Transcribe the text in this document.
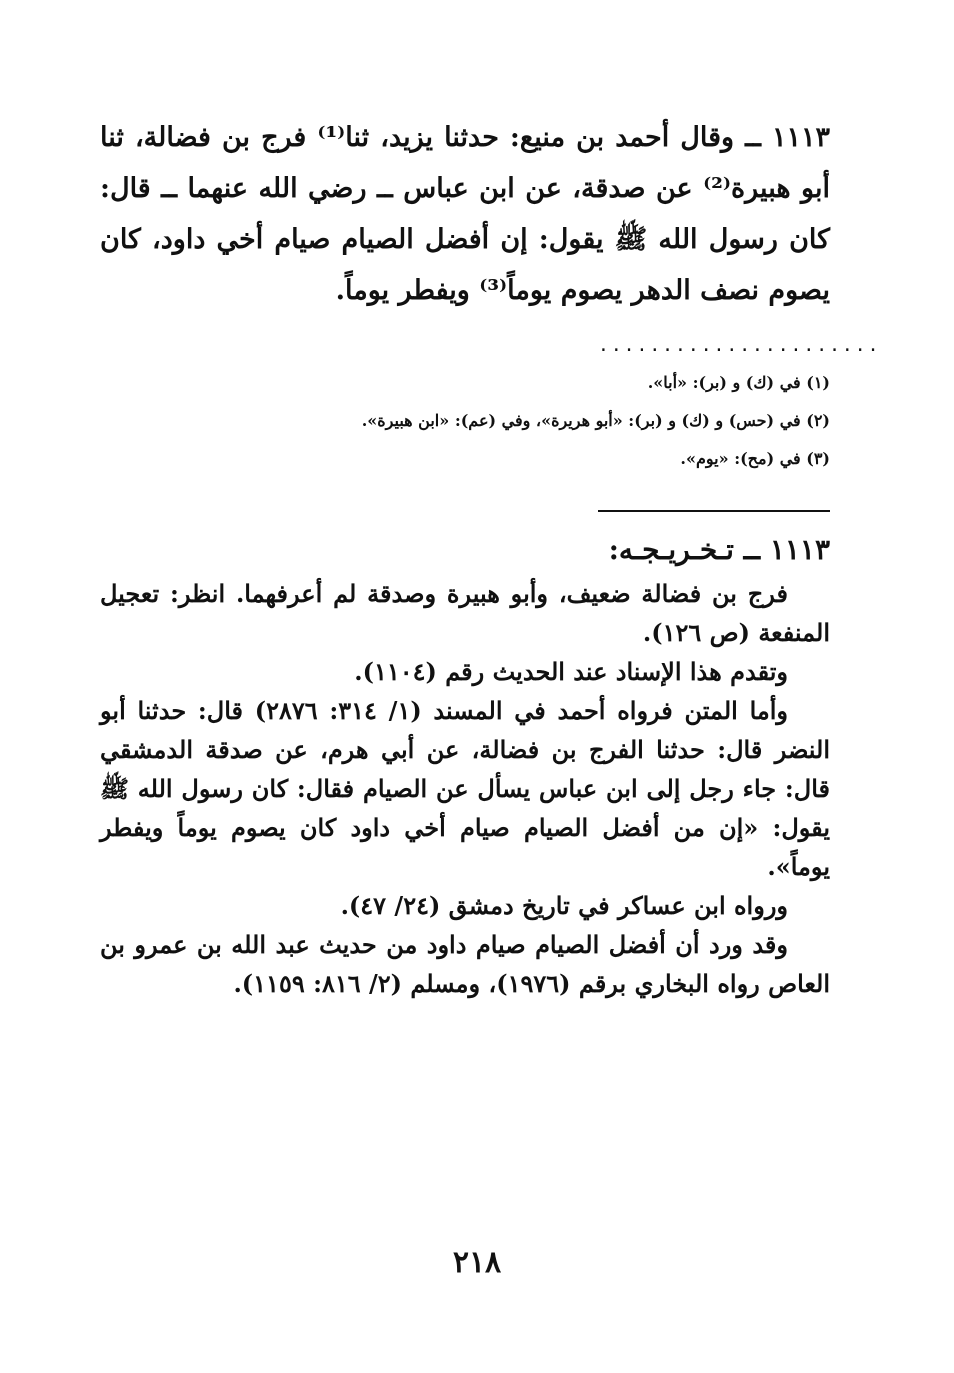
١١١٣ ــ وقال أحمد بن منيع: حدثنا يزيد، ثنا⁽¹⁾ فرج بن فضالة، ثنا أبو هبيرة⁽²⁾ عن صدقة، عن ابن عباس ــ رضي الله عنهما ــ قال: كان رسول الله ﷺ يقول: إن أفضل الصيام صيام أخي داود، كان يصوم نصف الدهر يصوم يوماً⁽³⁾ ويفطر يوماً.
......................
(١) في (ك) و (بر): «أبا».
(٢) في (حس) و (ك) و (بر): «أبو هريرة»، وفي (عم): «ابن هبيرة».
(٣) في (مح): «يوم».
١١١٣ ــ تـخـريـجـه:

فرج بن فضالة ضعيف، وأبو هبيرة وصدقة لم أعرفهما. انظر: تعجيل المنفعة (ص ١٢٦).

وتقدم هذا الإسناد عند الحديث رقم (١١٠٤).

وأما المتن فرواه أحمد في المسند (١/ ٣١٤: ٢٨٧٦) قال: حدثنا أبو النضر قال: حدثنا الفرج بن فضالة، عن أبي هرم، عن صدقة الدمشقي قال: جاء رجل إلى ابن عباس يسأل عن الصيام فقال: كان رسول الله ﷺ يقول: «إن من أفضل الصيام صيام أخي داود كان يصوم يوماً ويفطر يوماً».

ورواه ابن عساكر في تاريخ دمشق (٢٤/ ٤٧).

وقد ورد أن أفضل الصيام صيام داود من حديث عبد الله بن عمرو بن العاص رواه البخاري برقم (١٩٧٦)، ومسلم (٢/ ٨١٦: ١١٥٩).

٢١٨
